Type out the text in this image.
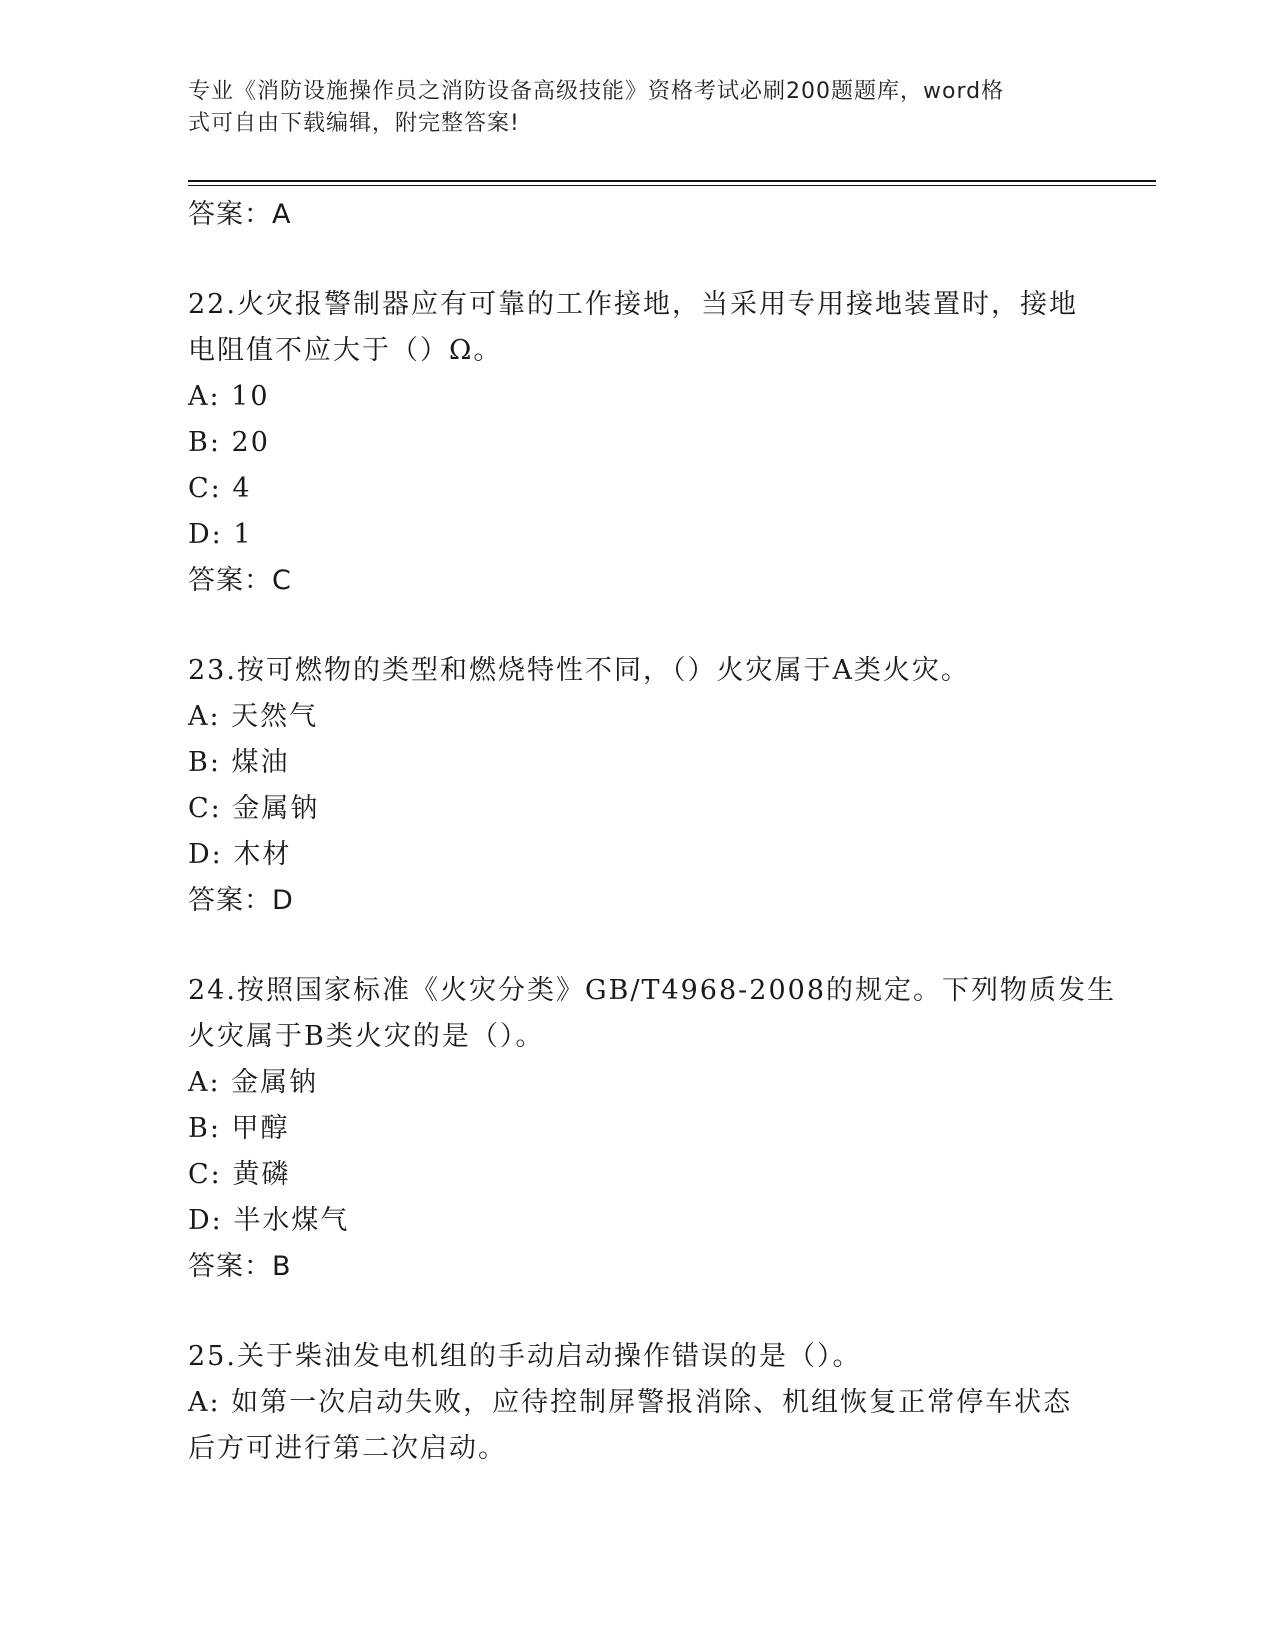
专业《消防设施操作员之消防设备高级技能》资格考试必刷200题题库，word格
式可自由下载编辑，附完整答案!
答案：A
22.火灾报警制器应有可靠的工作接地，当采用专用接地装置时，接地
电阻值不应大于（）Ω。
A: 10
B: 20
C: 4
D: 1
答案：C
23.按可燃物的类型和燃烧特性不同，（）火灾属于A类火灾。
A: 天然气
B: 煤油
C: 金属钠
D: 木材
答案：D
24.按照国家标准《火灾分类》GB/T4968-2008的规定。下列物质发生
火灾属于B类火灾的是（）。
A: 金属钠
B: 甲醇
C: 黄磷
D: 半水煤气
答案：B
25.关于柴油发电机组的手动启动操作错误的是（）。
A: 如第一次启动失败，应待控制屏警报消除、机组恢复正常停车状态
后方可进行第二次启动。
